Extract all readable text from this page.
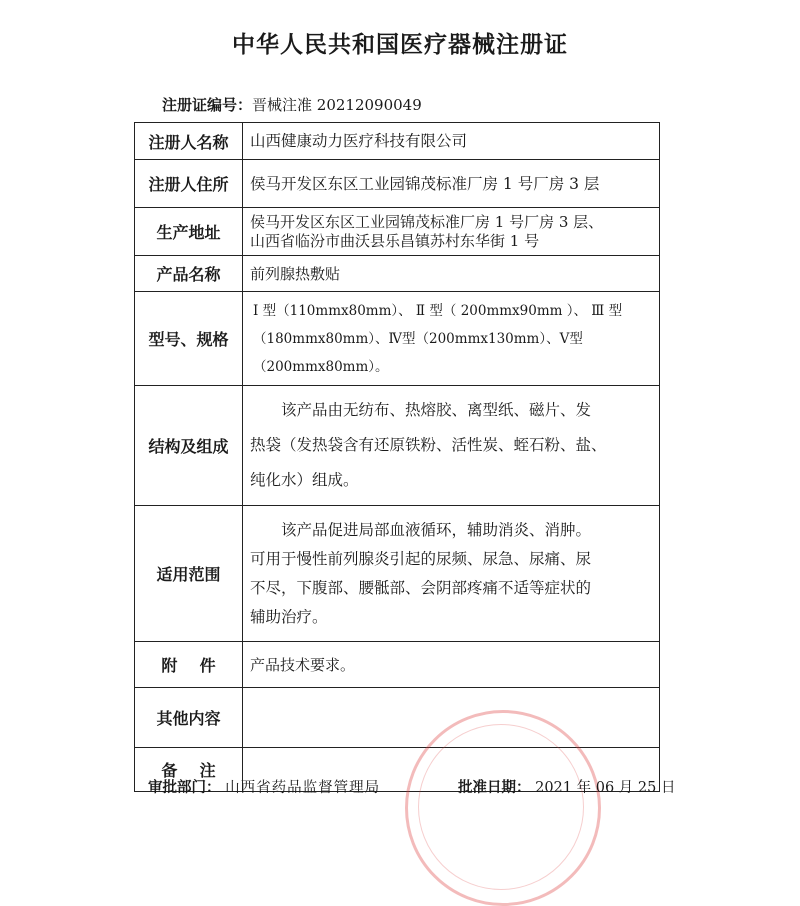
中华人民共和国医疗器械注册证
注册证编号：晋械注准 20212090049
注册人名称	山西健康动力医疗科技有限公司
注册人住所	侯马开发区东区工业园锦茂标准厂房 1 号厂房 3 层
生产地址	侯马开发区东区工业园锦茂标准厂房 1 号厂房 3 层、
山西省临汾市曲沃县乐昌镇苏村东华街 1 号

产品名称	前列腺热敷贴
型号、规格	Ⅰ 型（110mmx80mm）、 Ⅱ 型（ 200mmx90mm ）、 Ⅲ 型
（180mmx80mm）、Ⅳ型（200mmx130mm）、Ⅴ型（200mmx80mm）。

结构及组成	该产品由无纺布、热熔胶、离型纸、磁片、发
热袋（发热袋含有还原铁粉、活性炭、蛭石粉、盐、
纯化水）组成。

适用范围	该产品促进局部血液循环，辅助消炎、消肿。
可用于慢性前列腺炎引起的尿频、尿急、尿痛、尿
不尽，下腹部、腰骶部、会阴部疼痛不适等症状的
辅助治疗。

附    件	产品技术要求。
其他内容	
备    注	
审批部门： 山西省药品监督管理局	批准日期： 2021 年 06 月 25 日
